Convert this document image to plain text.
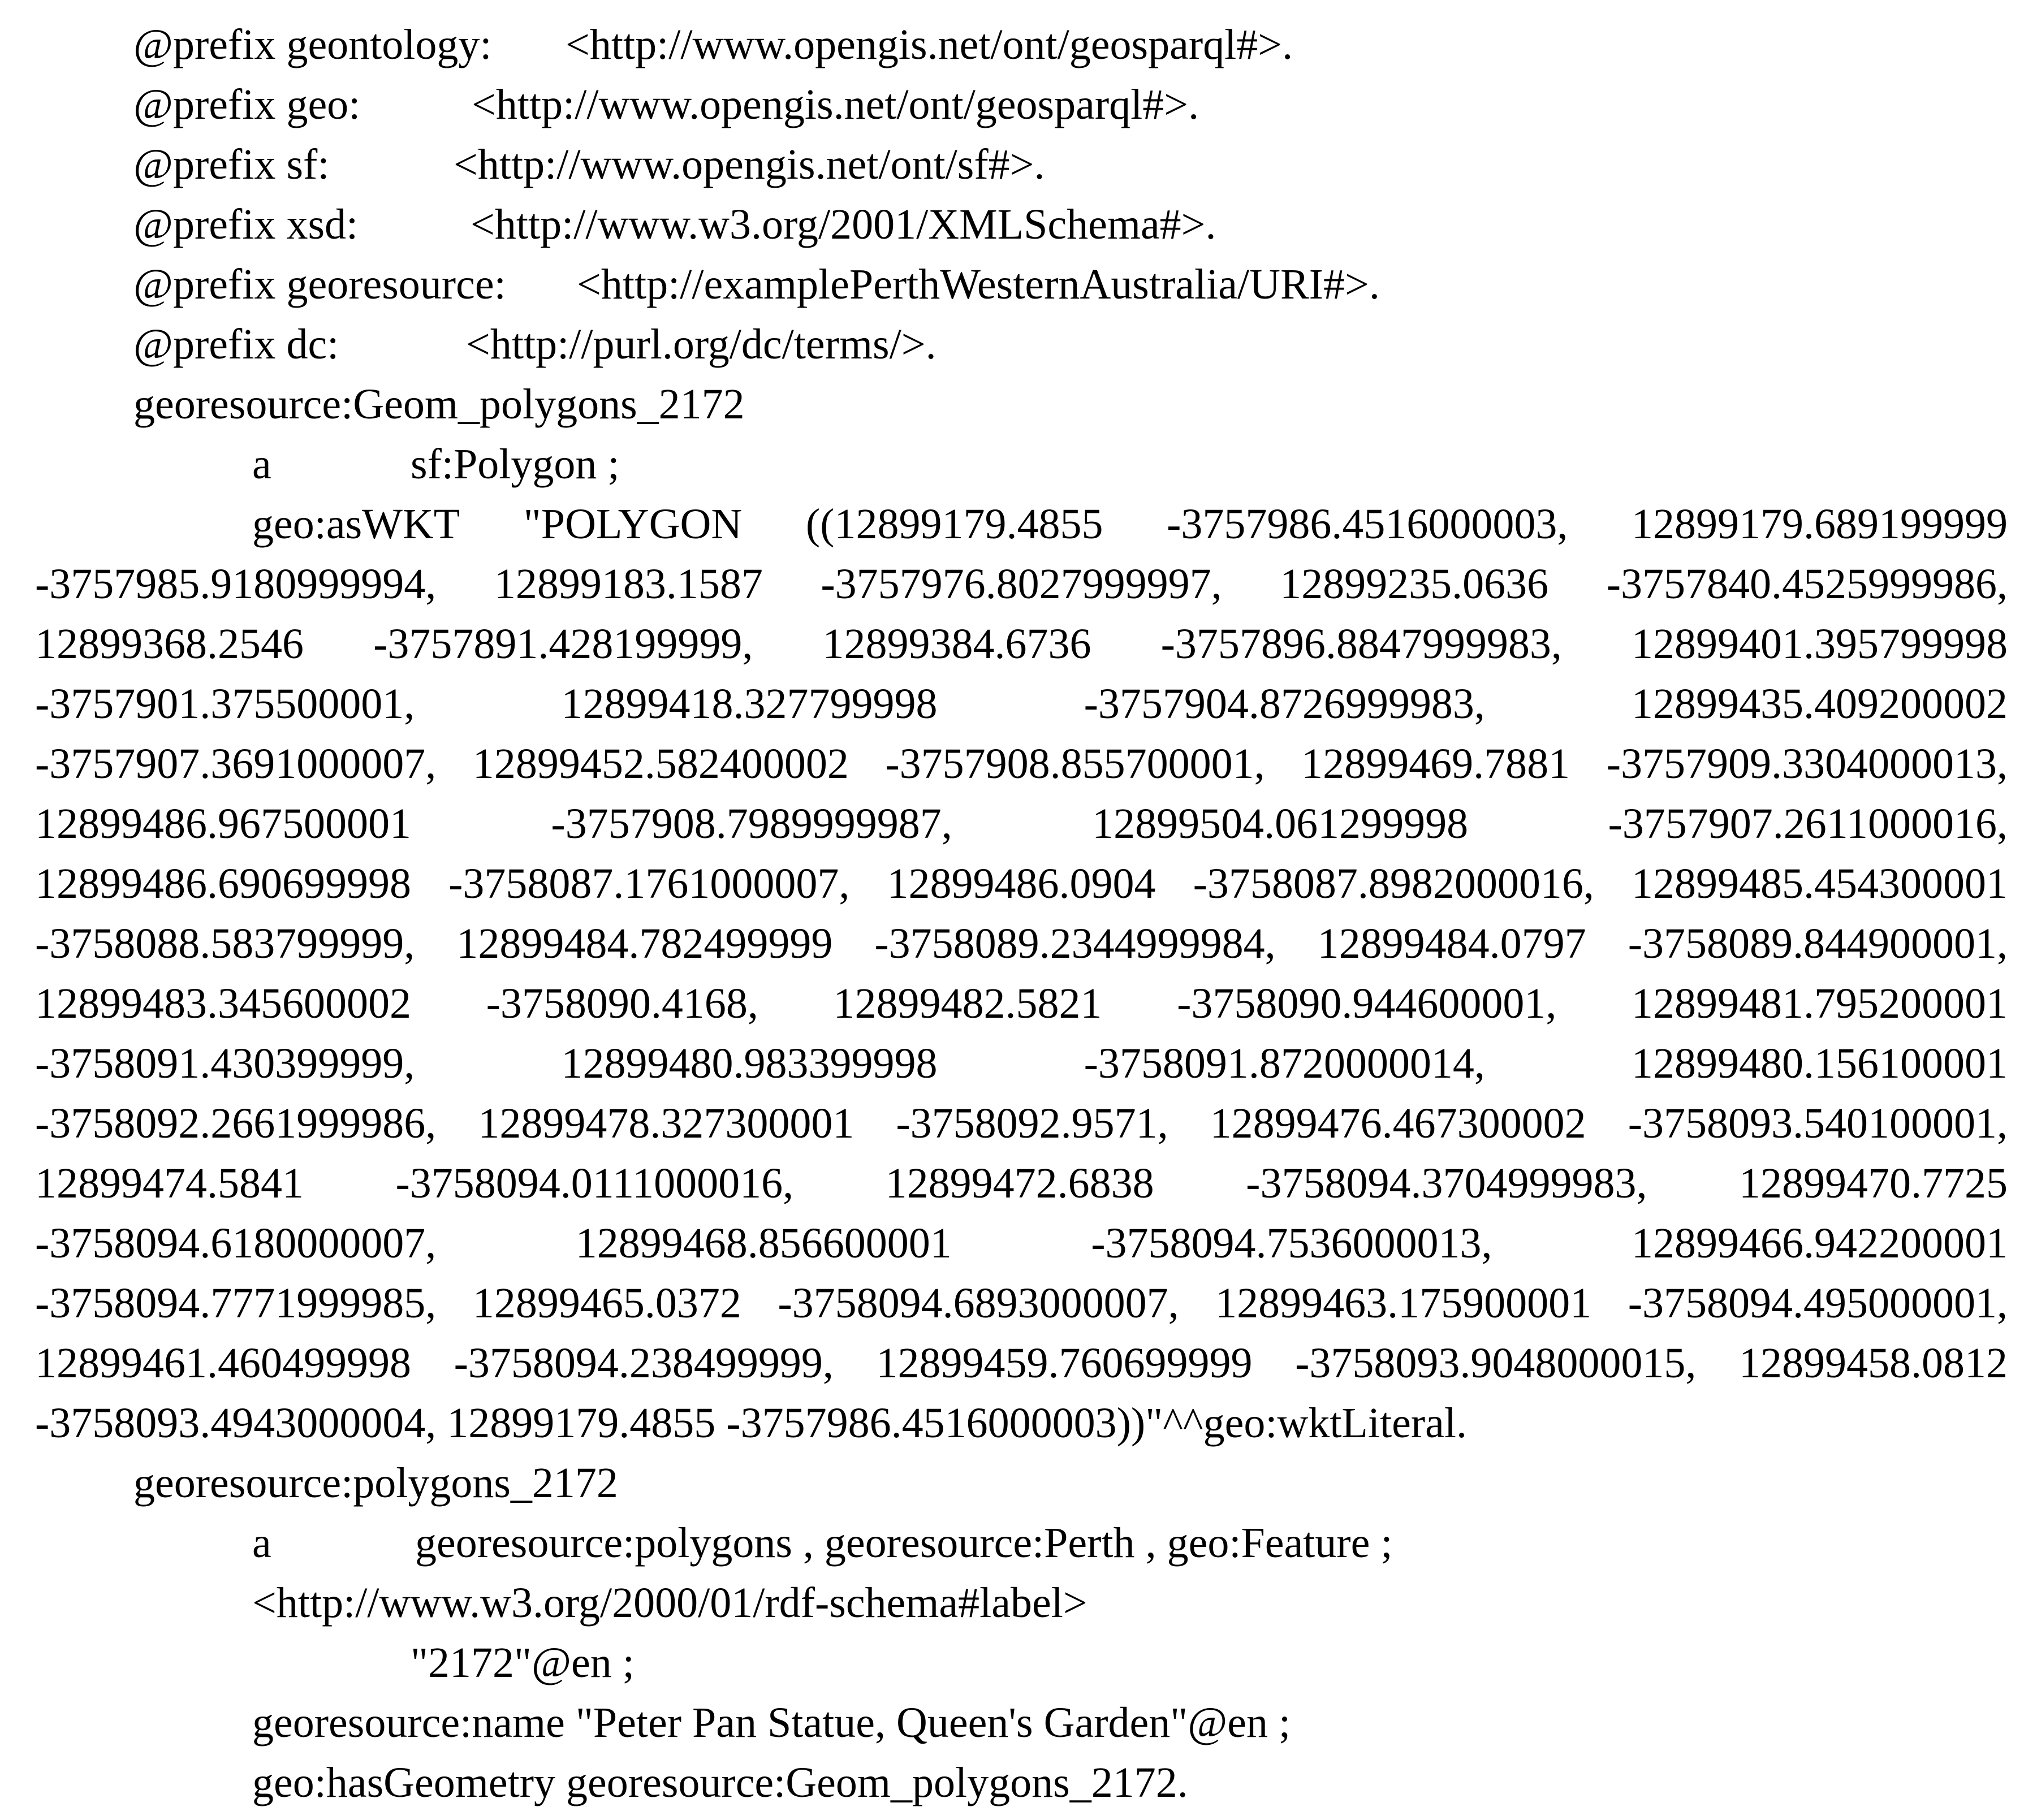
@prefix geontology: <http://www.opengis.net/ont/geosparql#>.
@prefix geo:	<http://www.opengis.net/ont/geosparql#>.
@prefix sf:	<http://www.opengis.net/ont/sf#>.
@prefix xsd:	<http://www.w3.org/2001/XMLSchema#>.
@prefix georesource: <http://examplePerthWesternAustralia/URI#>.
@prefix dc:	<http://purl.org/dc/terms/>.
georesource:Geom_polygons_2172
a	sf:Polygon ;
geo:asWKT "POLYGON ((12899179.4855 -3757986.4516000003, 12899179.689199999
-3757985.9180999994, 12899183.1587 -3757976.8027999997, 12899235.0636 -3757840.4525999986,
12899368.2546 -3757891.428199999, 12899384.6736 -3757896.8847999983, 12899401.395799998
-3757901.375500001,	12899418.327799998	-3757904.8726999983,	12899435.409200002
-3757907.3691000007, 12899452.582400002 -3757908.855700001, 12899469.7881 -3757909.3304000013,
12899486.967500001	-3757908.7989999987,	12899504.061299998	-3757907.2611000016,
12899486.690699998 -3758087.1761000007, 12899486.0904 -3758087.8982000016, 12899485.454300001
-3758088.583799999, 12899484.782499999 -3758089.2344999984, 12899484.0797 -3758089.844900001,
12899483.345600002 -3758090.4168, 12899482.5821 -3758090.944600001, 12899481.795200001
-3758091.430399999,	12899480.983399998	-3758091.8720000014,	12899480.156100001
-3758092.2661999986, 12899478.327300001 -3758092.9571, 12899476.467300002 -3758093.540100001,
12899474.5841 -3758094.0111000016, 12899472.6838 -3758094.3704999983, 12899470.7725
-3758094.6180000007,	12899468.856600001	-3758094.7536000013,	12899466.942200001
-3758094.7771999985, 12899465.0372 -3758094.6893000007, 12899463.175900001 -3758094.495000001,
12899461.460499998 -3758094.238499999, 12899459.760699999 -3758093.9048000015, 12899458.0812
-3758093.4943000004, 12899179.4855 -3757986.4516000003))"^^geo:wktLiteral.
georesource:polygons_2172
a	georesource:polygons , georesource:Perth , geo:Feature ;
<http://www.w3.org/2000/01/rdf-schema#label>
"2172"@en ;
georesource:name "Peter Pan Statue, Queen's Garden"@en ;
geo:hasGeometry georesource:Geom_polygons_2172.
